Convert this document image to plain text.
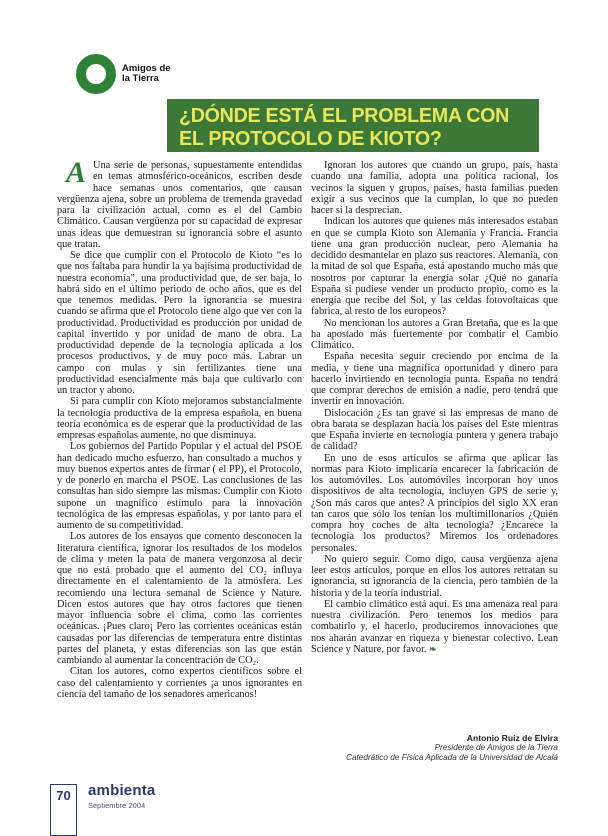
Amigos de
la Tierra
¿DÓNDE ESTÁ EL PROBLEMA CON
EL PROTOCOLO DE KIOTO?

A Una serie de personas, supuestamente entendidas en temas atmosférico-oceánicos, escriben desde hace semanas unos comentarios, que causan vergüenza ajena, sobre un problema de tremenda gravedad para la civilización actual, como es el del Cambio Climático. Causan vergüenza por su capacidad de expresar unas ideas que demuestran su ignorancia sobre el asunto que tratan.

Se dice que cumplir con el Protocolo de Kioto “es lo que nos faltaba para hundir la ya bajísima productividad de nuestra economía”, una productividad que, de ser baja, lo habrá sido en el último periodo de ocho años, que es del que tenemos medidas. Pero la ignorancia se muestra cuando se afirma que el Protocolo tiene algo que ver con la productividad. Productividad es producción por unidad de capital invertido y por unidad de mano de obra. La productividad depende de la tecnología aplicada a los procesos productivos, y de muy poco más. Labrar un campo con mulas y sin fertilizantes tiene una productividad esencialmente más baja que cultivarlo con un tractor y abono.

Si para cumplir con Kioto mejoramos substancialmente la tecnología productiva de la empresa española, en buena teoría económica es de esperar que la productividad de las empresas españolas aumente, no que disminuya.

Los gobiernos del Partido Popular y el actual del PSOE han dedicado mucho esfuerzo, han consultado a muchos y muy buenos expertos antes de firmar ( el PP), el Protocolo, y de ponerlo en marcha el PSOE. Las conclusiones de las consultas han sido siempre las mismas: Cumplir con Kioto supone un magnífico estímulo para la innovación tecnológica de las empresas españolas, y por tanto para el aumento de su competitividad.

Los autores de los ensayos que comento desconocen la literatura científica, ignorar los resultados de los modelos de clima y meten la pata de manera vergonzosa al decir que no está probado que el aumento del CO₂ influya directamente en el calentamiento de la atmósfera. Les recomiendo una lectura semanal de Science y Nature. Dicen estos autores que hay otros factores que tienen mayor influencia sobre el clima, como las corrientes oceánicas. ¡Pues claro¡ Pero las corrientes oceánicas están causadas por las diferencias de temperatura entre distintas partes del planeta, y estas diferencias son las que están cambiando al aumentar la concentración de CO₂.

Citan los autores, como expertos científicos sobre el caso del calentamiento y corrientes ¡a unos ignorantes en ciencia del tamaño de los senadores americanos!

Ignoran los autores que cuando un grupo, país, hasta cuando una familia, adopta una política racional, los vecinos la siguen y grupos, países, hasta familias pueden exigir a sus vecinos que la cumplan, lo que no pueden hacer si la desprecian.

Indican los autores que quienes más interesados estaban en que se cumpla Kioto son Alemania y Francia. Francia tiene una gran producción nuclear, pero Alemania ha decidido desmantelar en plazo sus reactores. Alemania, con la mitad de sol que España, está apostando mucho más que nosotros por capturar la energía solar ¿Qué no ganaría España si pudiese vender un producto propio, como es la energía que recibe del Sol, y las celdas fotovoltaicas que fabrica, al resto de los europeos?

No mencionan los autores a Gran Bretaña, que es la que ha apostado más fuertemente por combatir el Cambio Climático.

España necesita seguir creciendo por encima de la media, y tiene una magnífica oportunidad y dinero para hacerlo invirtiendo en tecnología punta. España no tendrá que comprar derechos de emisión a nadie, pero tendrá que invertir en innovación.

Dislocación ¿Es tan grave si las empresas de mano de obra barata se desplazan hacia los países del Este mientras que España invierte en tecnología puntera y genera trabajo de calidad?

En uno de esos artículos se afirma que aplicar las normas para Kioto implicaría encarecer la fabricación de los automóviles. Los automóviles incorporan hoy unos dispositivos de alta tecnología, incluyen GPS de serie y, ¿Son más caros que antes? A principios del siglo XX eran tan caros que sólo los tenían los multimillonarios ¿Quién compra hoy coches de alta tecnología? ¿Encarece la tecnología los productos? Miremos los ordenadores personales.

No quiero seguir. Como digo, causa vergüenza ajena leer estos artículos, porque en ellos los autores retratan su ignorancia, su ignorancia de la ciencia, pero también de la historia y de la teoría industrial.

El cambio climático está aquí. Es una amenaza real para nuestra civilización. Pero tenemos los medios para combatirlo y, el hacerlo, produciremos innovaciones que nos aharán avanzar en riqueza y bienestar colectivo. Lean Science y Nature, por favor. ❧

Antonio Ruiz de Elvira
Presidente de Amigos de la Tierra
Catedrático de Física Aplicada de la Universidad de Alcalá
70	ambienta
Septiembre 2004
